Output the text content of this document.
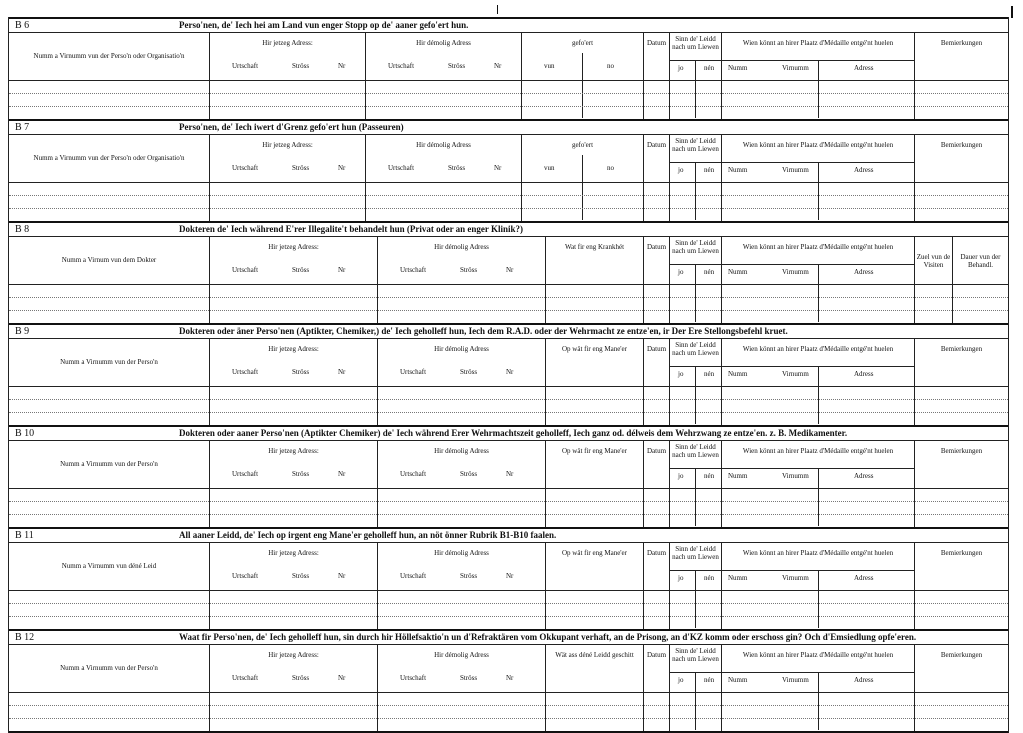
B 6	Perso'nen, de' Iech hei am Land vun enger Stopp op de' aaner gefo'ert hun.
Numm a Virnumm vun der Perso'n oder Organisatio'n
Hir jetzeg Adress:
Urtschaft	Ströss	Nr
Hir démolig Adress
Urtschaft	Ströss	Nr
gefo'ert
vun	no
Datum	Sinn de' Leidd nach um Liewen
jo	nén
Wien könnt an hirer Plaatz d'Médaille entgé'nt huelen
Numm	Virnumm	Adress
Bemierkungen
B 7	Perso'nen, de' Iech iwert d'Grenz gefo'ert hun (Passeuren)
Numm a Virnumm vun der Perso'n oder Organisatio'n
Hir jetzeg Adress:
Urtschaft	Ströss	Nr
Hir démolig Adress
Urtschaft	Ströss	Nr
gefo'ert
vun	no
Datum	Sinn de' Leidd nach um Liewen
jo	nén
Wien könnt an hirer Plaatz d'Médaille entgé'nt huelen
Numm	Virnumm	Adress
Bemierkungen
B 8	Dokteren de' Iech während E'rer Illegalite't behandelt hun (Privat oder an enger Klinik?)
Numm a Virnum vun dem Dokter
Hir jetzeg Adress:
Urtschaft	Ströss	Nr
Hir démolig Adress
Urtschaft	Ströss	Nr
Wat fir eng Krankhét	Datum	Sinn de' Leidd nach um Liewen
jo	nén
Wien könnt an hirer Plaatz d'Médaille entgé'nt huelen
Numm	Virnumm	Adress
Zuel vun de Visiten
Dauer vun der Behandl.
B 9	Dokteren oder äner Perso'nen (Aptikter, Chemiker,) de' Iech geholleff hun, Iech dem R.A.D. oder der Wehrmacht ze entze'en, ir Der Ere Stellongsbefehl kruet.
Numm a Virnumm vun der Perso'n
Hir jetzeg Adress:
Urtschaft	Ströss	Nr
Hir démolig Adress
Urtschaft	Ströss	Nr
Op wät fir eng Mane'er	Datum	Sinn de' Leidd nach um Liewen
jo	nén
Wien könnt an hirer Plaatz d'Médaille entgé'nt huelen
Numm	Virnumm	Adress
Bemierkungen
B 10	Dokteren oder aaner Perso'nen (Aptikter Chemiker) de' Iech während Erer Wehrmachtszeit geholleff, Iech ganz od. délweis dem Wehrzwang ze entze'en. z. B. Medikamenter.
Numm a Virnumm vun der Perso'n
Hir jetzeg Adress:
Urtschaft	Ströss	Nr
Hir démolig Adress
Urtschaft	Ströss	Nr
Op wät fir eng Mane'er	Datum	Sinn de' Leidd nach um Liewen
jo	nén
Wien könnt an hirer Plaatz d'Médaille entgé'nt huelen
Numm	Virnumm	Adress
Bemierkungen
B 11	All aaner Leidd, de' Iech op irgent eng Mane'er geholleff hun, an nöt önner Rubrik B1-B10 faalen.
Numm a Virnumm vun déné Leid
Hir jetzeg Adress:
Urtschaft	Ströss	Nr
Hir démolig Adress
Urtschaft	Ströss	Nr
Op wät fir eng Mane'er	Datum	Sinn de' Leidd nach um Liewen
jo	nén
Wien könnt an hirer Plaatz d'Médaille entgé'nt huelen
Numm	Virnumm	Adress
Bemierkungen
B 12	Waat fir Perso'nen, de' Iech geholleff hun, sin durch hir Höllefsaktio'n un d'Refraktären vom Okkupant verhaft, an de Prisong, an d'KZ komm oder erschoss gin? Och d'Emsiedlung opfe'eren.
Numm a Virnumm vun der Perso'n
Hir jetzeg Adress:
Urtschaft	Ströss	Nr
Hir démolig Adress
Urtschaft	Ströss	Nr
Wät ass déné Leidd geschitt	Datum	Sinn de' Leidd nach um Liewen
jo	nén
Wien könnt an hirer Plaatz d'Médaille entgé'nt huelen
Numm	Virnumm	Adress
Bemierkungen
